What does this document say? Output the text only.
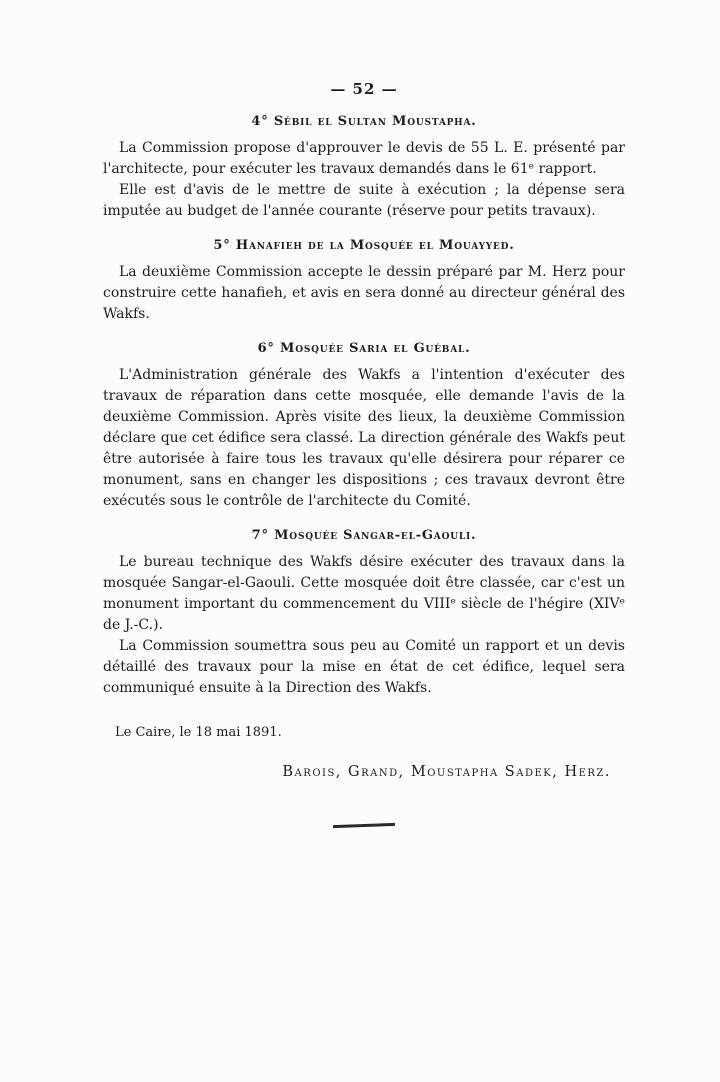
— 52 —
4° Sébil el Sultan Moustapha.

La Commission propose d'approuver le devis de 55 L. E. présenté par l'architecte, pour exécuter les travaux demandés dans le 61ᵉ rapport.

Elle est d'avis de le mettre de suite à exécution ; la dépense sera imputée au budget de l'année courante (réserve pour petits travaux).

5° Hanafieh de la Mosquée el Mouayyed.

La deuxième Commission accepte le dessin préparé par M. Herz pour construire cette hanafieh, et avis en sera donné au directeur général des Wakfs.

6° Mosquée Saria el Guébal.

L'Administration générale des Wakfs a l'intention d'exécuter des travaux de réparation dans cette mosquée, elle demande l'avis de la deuxième Commission. Après visite des lieux, la deuxième Commission déclare que cet édifice sera classé. La direction générale des Wakfs peut être autorisée à faire tous les travaux qu'elle désirera pour réparer ce monument, sans en changer les dispositions ; ces travaux devront être exécutés sous le contrôle de l'architecte du Comité.

7° Mosquée Sangar-el-Gaouli.

Le bureau technique des Wakfs désire exécuter des travaux dans la mosquée Sangar-el-Gaouli. Cette mosquée doit être classée, car c'est un monument important du commencement du VIIIᵉ siècle de l'hégire (XIVᵉ de J.-C.).

La Commission soumettra sous peu au Comité un rapport et un devis détaillé des travaux pour la mise en état de cet édifice, lequel sera communiqué ensuite à la Direction des Wakfs.

Le Caire, le 18 mai 1891.

Barois, Grand, Moustapha Sadek, Herz.
